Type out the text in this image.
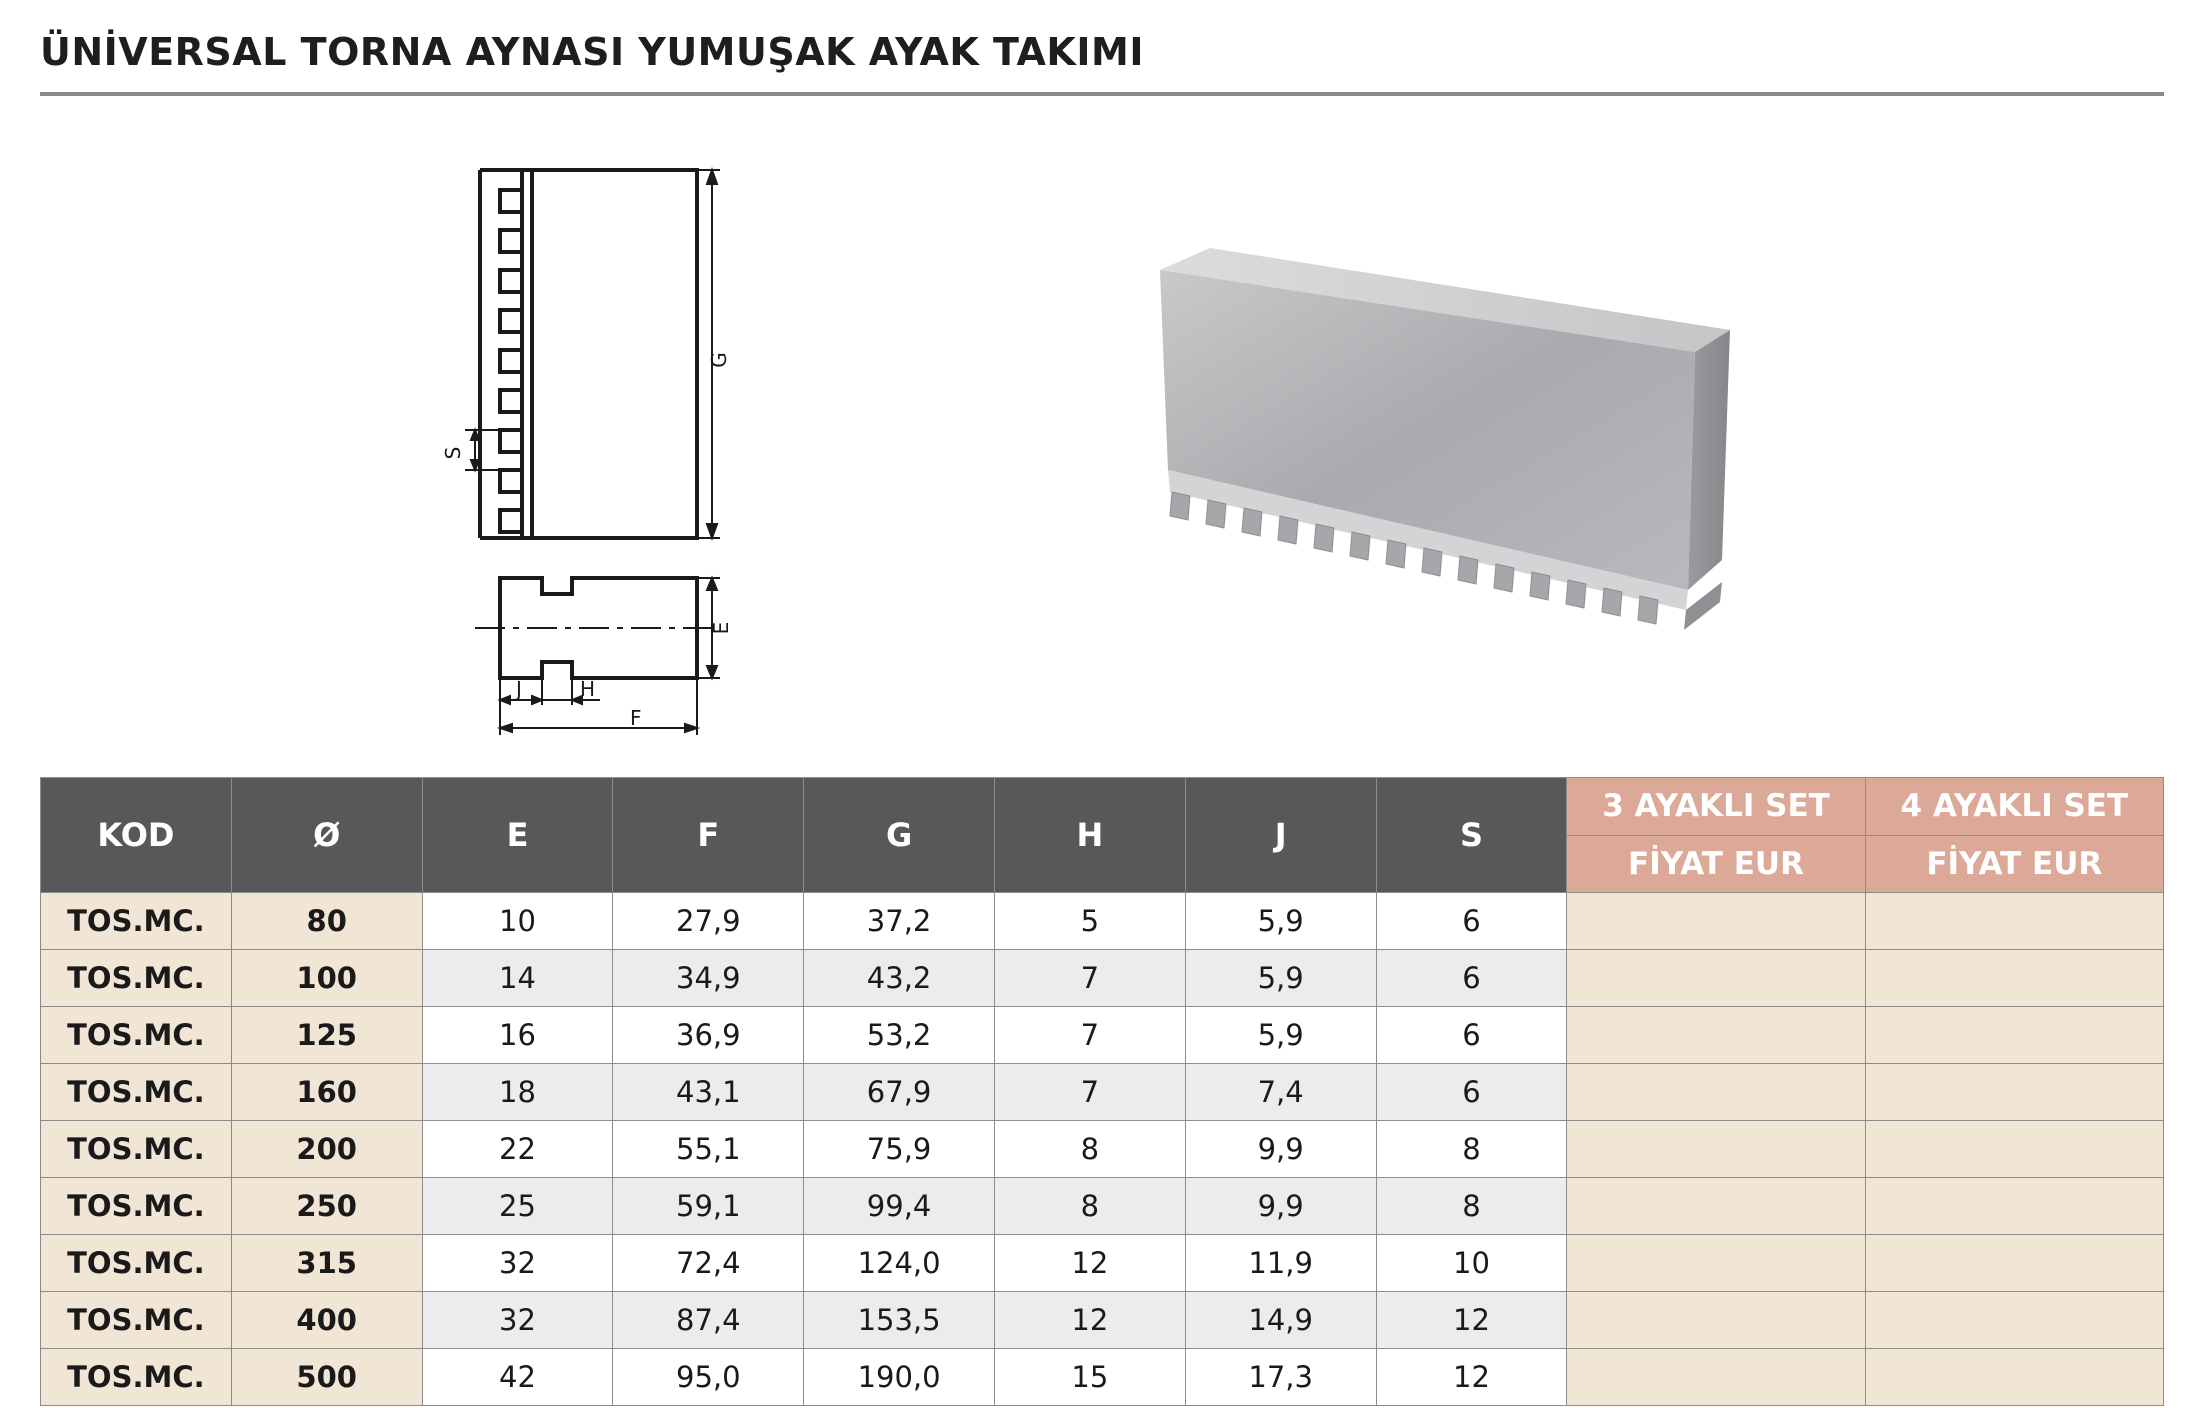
ÜNİVERSAL TORNA AYNASI YUMUŞAK AYAK TAKIMI
G
S
E
J	H
F
KOD	Ø	E	F	G	H	J	S	3 AYAKLI SET	4 AYAKLI SET
								FİYAT EUR	FİYAT EUR
TOS.MC.	80	10	27,9	37,2	5	5,9	6		
TOS.MC.	100	14	34,9	43,2	7	5,9	6		
TOS.MC.	125	16	36,9	53,2	7	5,9	6		
TOS.MC.	160	18	43,1	67,9	7	7,4	6		
TOS.MC.	200	22	55,1	75,9	8	9,9	8		
TOS.MC.	250	25	59,1	99,4	8	9,9	8		
TOS.MC.	315	32	72,4	124,0	12	11,9	10		
TOS.MC.	400	32	87,4	153,5	12	14,9	12		
TOS.MC.	500	42	95,0	190,0	15	17,3	12		
